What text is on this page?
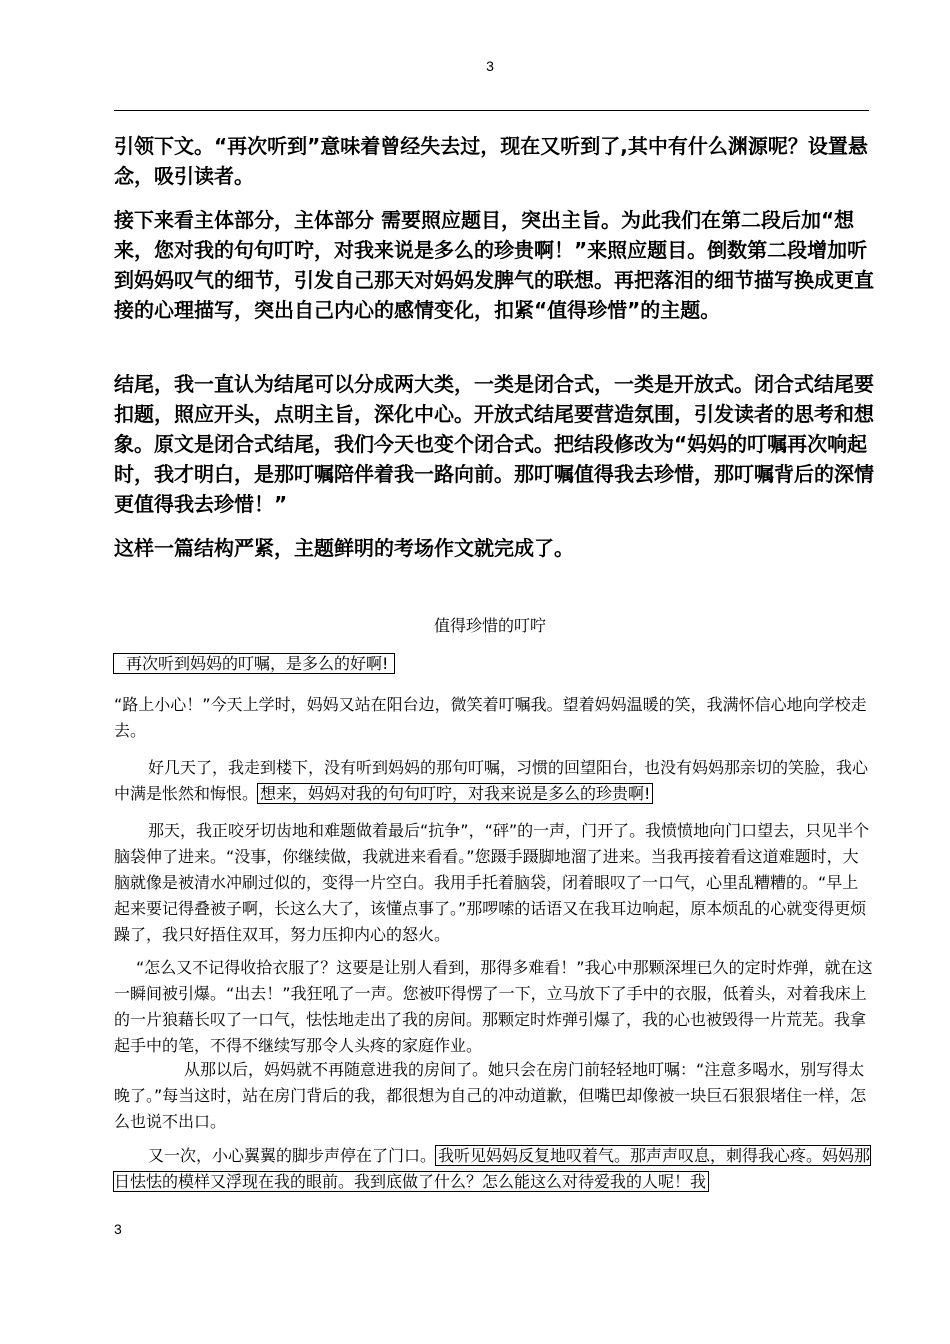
3

引领下文。“再次听到”意味着曾经失去过，现在又听到了,其中有什么渊源呢？设置悬念，吸引读者。

接下来看主体部分，主体部分 需要照应题目，突出主旨。为此我们在第二段后加“想来，您对我的句句叮咛，对我来说是多么的珍贵啊！”来照应题目。倒数第二段增加听到妈妈叹气的细节，引发自己那天对妈妈发脾气的联想。再把落泪的细节描写换成更直接的心理描写，突出自己内心的感情变化，扣紧“值得珍惜”的主题。

结尾，我一直认为结尾可以分成两大类，一类是闭合式，一类是开放式。闭合式结尾要扣题，照应开头，点明主旨，深化中心。开放式结尾要营造氛围，引发读者的思考和想象。原文是闭合式结尾，我们今天也变个闭合式。把结段修改为“妈妈的叮嘱再次响起时，我才明白，是那叮嘱陪伴着我一路向前。那叮嘱值得我去珍惜，那叮嘱背后的深情更值得我去珍惜！”

这样一篇结构严紧，主题鲜明的考场作文就完成了。

值得珍惜的叮咛

再次听到妈妈的叮嘱，是多么的好啊!

“路上小心！”今天上学时，妈妈又站在阳台边，微笑着叮嘱我。望着妈妈温暖的笑，我满怀信心地向学校走去。

好几天了，我走到楼下，没有听到妈妈的那句叮嘱，习惯的回望阳台，也没有妈妈那亲切的笑脸，我心中满是怅然和悔恨。 想来，妈妈对我的句句叮咛，对我来说是多么的珍贵啊!

那天，我正咬牙切齿地和难题做着最后“抗争”，“砰”的一声，门开了。我愤愤地向门口望去，只见半个脑袋伸了进来。“没事，你继续做，我就进来看看。”您蹑手蹑脚地溜了进来。当我再接着看这道难题时，大脑就像是被清水冲刷过似的，变得一片空白。我用手托着脑袋，闭着眼叹了一口气，心里乱糟糟的。“早上起来要记得叠被子啊，长这么大了，该懂点事了。”那啰嗦的话语又在我耳边响起，原本烦乱的心就变得更烦躁了，我只好捂住双耳，努力压抑内心的怒火。

“怎么又不记得收拾衣服了？这要是让别人看到，那得多难看！”我心中那颗深埋已久的定时炸弹，就在这一瞬间被引爆。“出去！”我狂吼了一声。您被吓得愣了一下，立马放下了手中的衣服，低着头，对着我床上的一片狼藉长叹了一口气，怯怯地走出了我的房间。那颗定时炸弹引爆了，我的心也被毁得一片荒芜。我拿起手中的笔，不得不继续写那令人头疼的家庭作业。

从那以后，妈妈就不再随意进我的房间了。她只会在房门前轻轻地叮嘱：“注意多喝水，别写得太晚了。”每当这时，站在房门背后的我，都很想为自己的冲动道歉，但嘴巴却像被一块巨石狠狠堵住一样，怎么也说不出口。

又一次，小心翼翼的脚步声停在了门口。 我听见妈妈反复地叹着气。那声声叹息，刺得我心疼。妈妈那日怯怯的模样又浮现在我的眼前。我到底做了什么？怎么能这么对待爱我的人呢！我

3
